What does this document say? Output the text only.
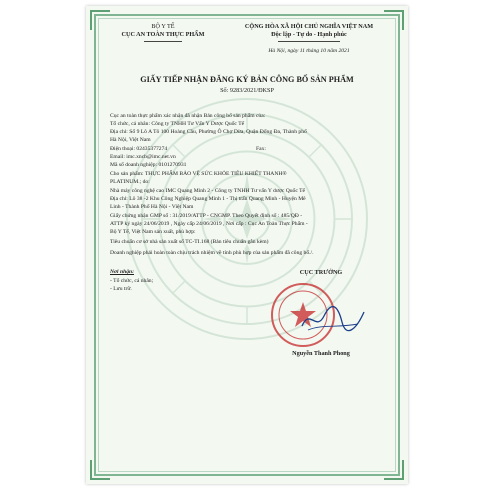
BỘ Y TẾ
CỤC AN TOÀN THỰC PHẨM
CỘNG HÒA XÃ HỘI CHỦ NGHĨA VIỆT NAM
Độc lập - Tự do - Hạnh phúc
Hà Nội, ngày 11 tháng 10 năm 2021
GIẤY TIẾP NHẬN ĐĂNG KÝ BẢN CÔNG BỐ SẢN PHẨM
Số: 9283/2021/ĐKSP
Cục an toàn thực phẩm xác nhận đã nhận Bản công bố sản phẩm của:
Tổ chức, cá nhân: Công ty TNHH Tư Vấn Y Dược Quốc Tế
Địa chỉ: Số 9 Lô A Tô 100 Hoàng Cầu, Phường Ô Chợ Dừa, Quận Đống Đa, Thành phố
Hà Nội, Việt Nam
Điện thoại: 02435377274	Fax:
Email: imc.xncb@imc.net.vn
Mã số doanh nghiệp: 0101270931
Cho sản phẩm: THỰC PHẨM BẢO VỆ SỨC KHỎE TIÊU KHIẾT THANH®
PLATINUM.; do:
Nhà máy công nghệ cao IMC Quang Minh 2 - Công ty TNHH Tư vấn Y dược Quốc Tế
Địa chỉ: Lô 38 -2 Khu Công Nghiệp Quang Minh 1 - Thị trấn Quang Minh - Huyện Mê
Linh - Thành Phố Hà Nội - Việt Nam
Giấy chứng nhận GMP số : 31/2019/ATTP - CNGMP. Theo Quyết định số : 485/QĐ -
ATTP ký ngày 24/06/2019 , Ngày cấp 24/06/2019 , Nơi cấp : Cục An Toàn Thực Phẩm -
Bộ Y Tế, Việt Nam sản xuất, phù hợp:
Tiêu chuẩn cơ sở nhà sản xuất số TC-TI.168 (Bản tiêu chuẩn gắn kèm)
Doanh nghiệp phải hoàn toàn chịu trách nhiệm về tính phù hợp của sản phẩm đã công bố./.
Nơi nhận:
- Tổ chức, cá nhân;
- Lưu trữ.
CỤC TRƯỞNG
Nguyễn Thanh Phong
